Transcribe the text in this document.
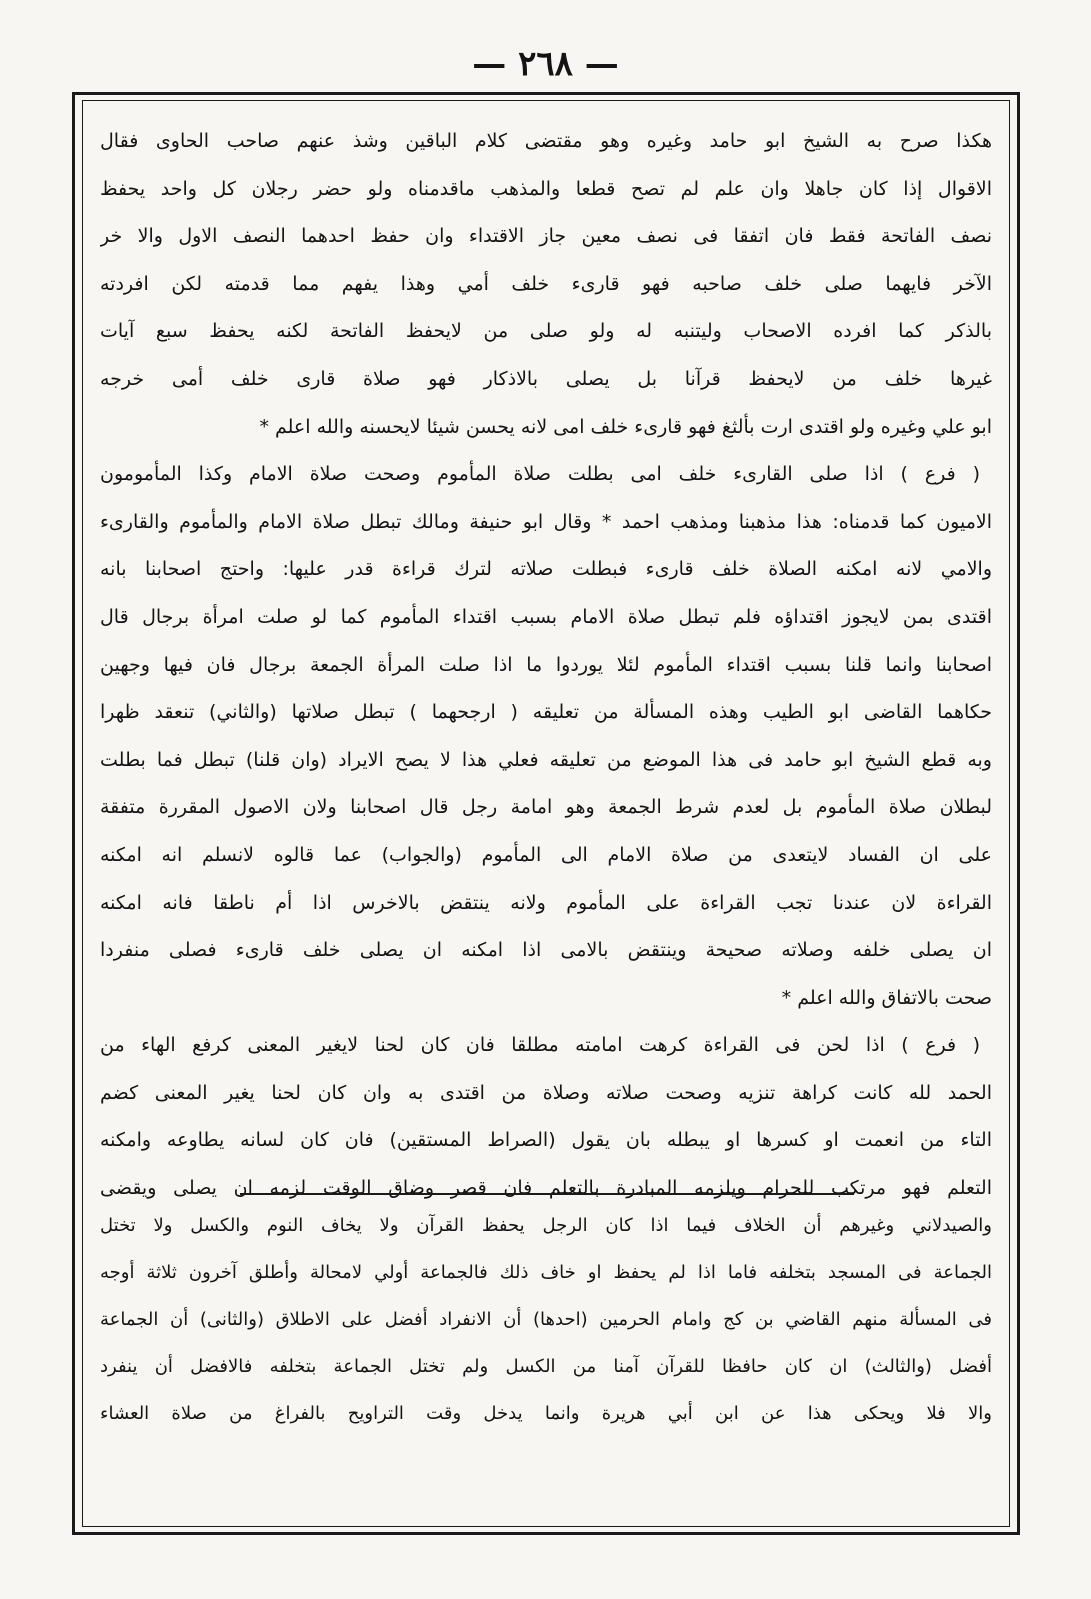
— ٢٦٨ —
هكذا صرح به الشيخ ابو حامد وغيره وهو مقتضى كلام الباقين وشذ عنهم صاحب الحاوى فقال
الاقوال إذا كان جاهلا وان علم لم تصح قطعا والمذهب ماقدمناه ولو حضر رجلان كل واحد يحفظ
نصف الفاتحة فقط فان اتفقا فى نصف معين جاز الاقتداء وان حفظ احدهما النصف الاول والا خر
الآخر فايهما صلى خلف صاحبه فهو قارىء خلف أمي وهذا يفهم مما قدمته لكن افردته
بالذكر كما افرده الاصحاب وليتنبه له ولو صلى من لايحفظ الفاتحة لكنه يحفظ سبع آيات
غيرها خلف من لايحفظ قرآنا بل يصلى بالاذكار فهو صلاة قارى خلف أمى خرجه
ابو علي وغيره ولو اقتدى ارت بألثغ فهو قارىء خلف امى لانه يحسن شيئا لايحسنه والله اعلم *
( فرع ) اذا صلى القارىء خلف امى بطلت صلاة المأموم وصحت صلاة الامام وكذا المأمومون
الاميون كما قدمناه: هذا مذهبنا ومذهب احمد * وقال ابو حنيفة ومالك تبطل صلاة الامام والمأموم والقارىء
والامي لانه امكنه الصلاة خلف قارىء فبطلت صلاته لترك قراءة قدر عليها: واحتج اصحابنا بانه
اقتدى بمن لايجوز اقتداؤه فلم تبطل صلاة الامام بسبب اقتداء المأموم كما لو صلت امرأة برجال قال
اصحابنا وانما قلنا بسبب اقتداء المأموم لئلا يوردوا ما اذا صلت المرأة الجمعة برجال فان فيها وجهين
حكاهما القاضى ابو الطيب وهذه المسألة من تعليقه ( ارجحهما ) تبطل صلاتها (والثاني) تنعقد ظهرا
وبه قطع الشيخ ابو حامد فى هذا الموضع من تعليقه فعلي هذا لا يصح الايراد (وان قلنا) تبطل فما بطلت
لبطلان صلاة المأموم بل لعدم شرط الجمعة وهو امامة رجل قال اصحابنا ولان الاصول المقررة متفقة
على ان الفساد لايتعدى من صلاة الامام الى المأموم (والجواب) عما قالوه لانسلم انه امكنه
القراءة لان عندنا تجب القراءة على المأموم ولانه ينتقض بالاخرس اذا أم ناطقا فانه امكنه
ان يصلى خلفه وصلاته صحيحة وينتقض بالامى اذا امكنه ان يصلى خلف قارىء فصلى منفردا
صحت بالاتفاق والله اعلم *
( فرع ) اذا لحن فى القراءة كرهت امامته مطلقا فان كان لحنا لايغير المعنى كرفع الهاء من
الحمد لله كانت كراهة تنزيه وصحت صلاته وصلاة من اقتدى به وان كان لحنا يغير المعنى كضم
التاء من انعمت او كسرها او يبطله بان يقول (الصراط المستقين) فان كان لسانه يطاوعه وامكنه
التعلم فهو مرتكب للحرام ويلزمه المبادرة بالتعلم فان قصر وضاق الوقت لزمه ان يصلى ويقضى
والصيدلاني وغيرهم أن الخلاف فيما اذا كان الرجل يحفظ القرآن ولا يخاف النوم والكسل ولا تختل
الجماعة فى المسجد بتخلفه فاما اذا لم يحفظ او خاف ذلك فالجماعة أولي لامحالة وأطلق آخرون ثلاثة أوجه
فى المسألة منهم القاضي بن كج وامام الحرمين (احدها) أن الانفراد أفضل على الاطلاق (والثانى) أن الجماعة
أفضل (والثالث) ان كان حافظا للقرآن آمنا من الكسل ولم تختل الجماعة بتخلفه فالافضل أن ينفرد
والا فلا ويحكى هذا عن ابن أبي هريرة وانما يدخل وقت التراويح بالفراغ من صلاة العشاء
